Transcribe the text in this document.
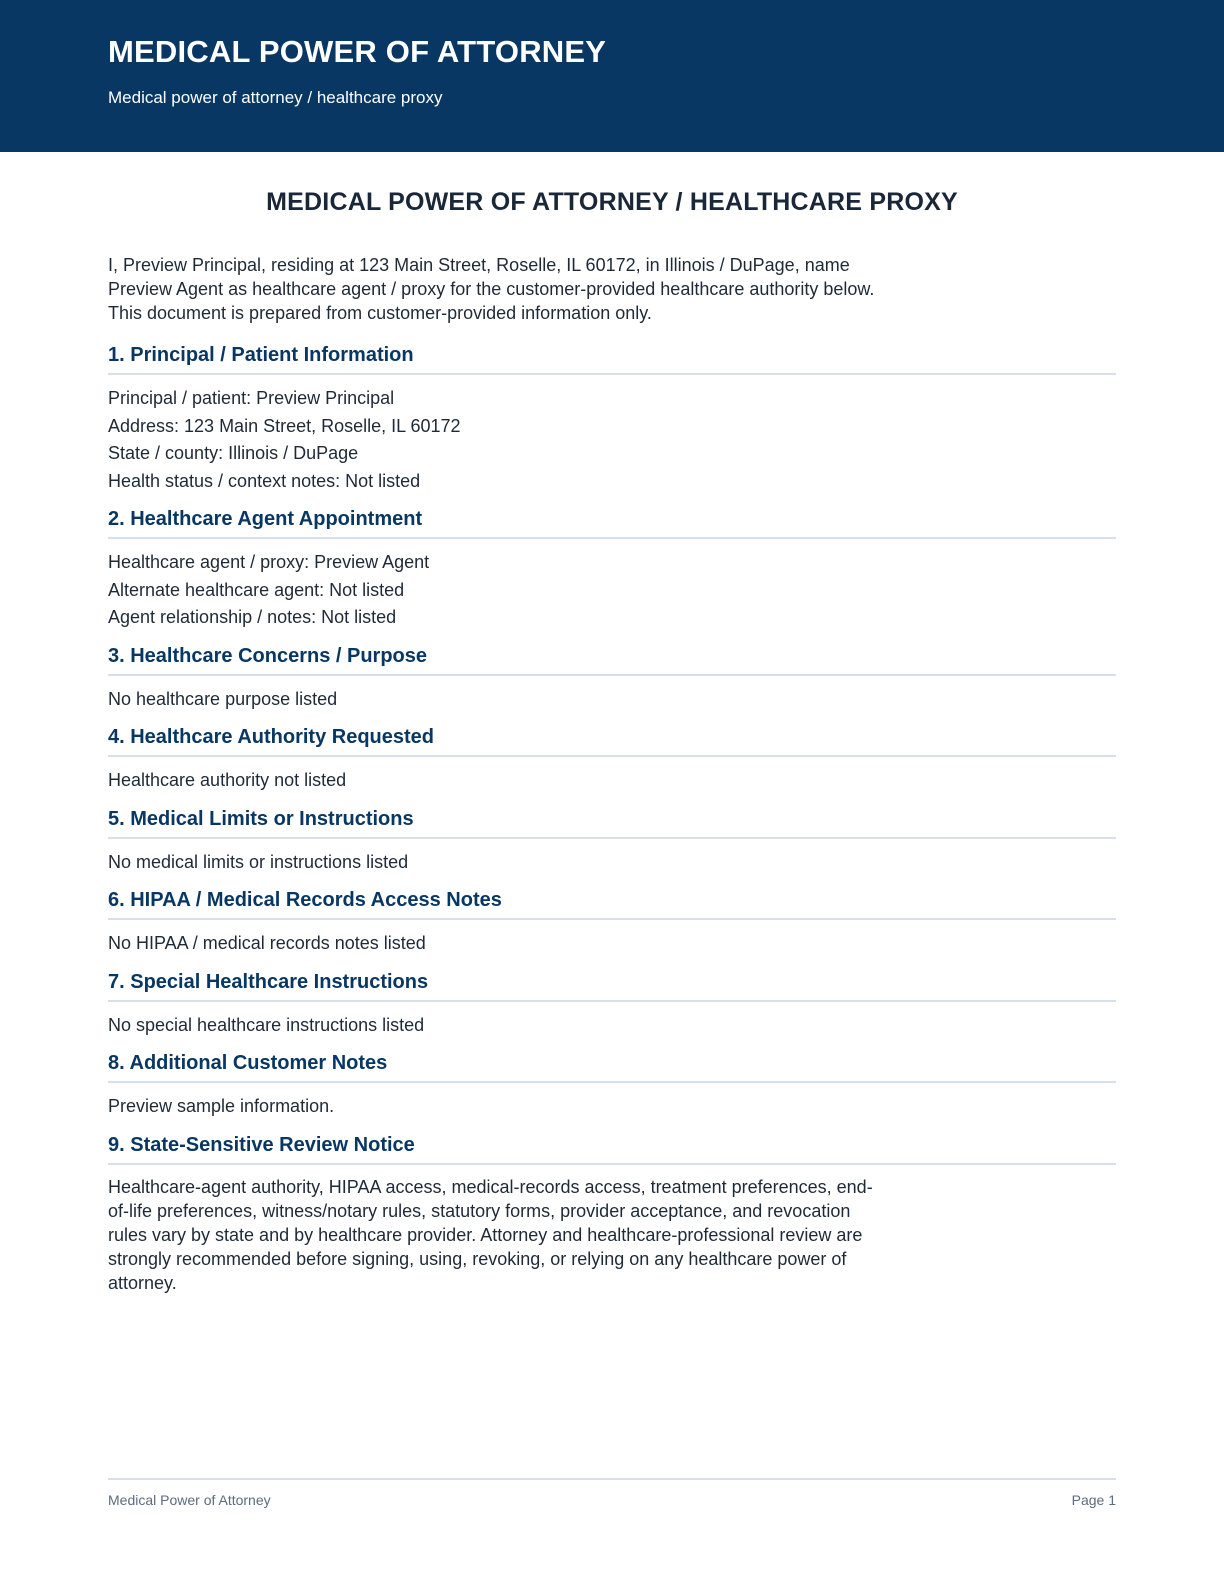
MEDICAL POWER OF ATTORNEY

Medical power of attorney / healthcare proxy

MEDICAL POWER OF ATTORNEY / HEALTHCARE PROXY

I, Preview Principal, residing at 123 Main Street, Roselle, IL 60172, in Illinois / DuPage, name Preview Agent as healthcare agent / proxy for the customer-provided healthcare authority below. This document is prepared from customer-provided information only.

1. Principal / Patient Information

Principal / patient: Preview Principal

Address: 123 Main Street, Roselle, IL 60172

State / county: Illinois / DuPage

Health status / context notes: Not listed

2. Healthcare Agent Appointment

Healthcare agent / proxy: Preview Agent

Alternate healthcare agent: Not listed

Agent relationship / notes: Not listed

3. Healthcare Concerns / Purpose

No healthcare purpose listed

4. Healthcare Authority Requested

Healthcare authority not listed

5. Medical Limits or Instructions

No medical limits or instructions listed

6. HIPAA / Medical Records Access Notes

No HIPAA / medical records notes listed

7. Special Healthcare Instructions

No special healthcare instructions listed

8. Additional Customer Notes

Preview sample information.

9. State-Sensitive Review Notice

Healthcare-agent authority, HIPAA access, medical-records access, treatment preferences, end-of-life preferences, witness/notary rules, statutory forms, provider acceptance, and revocation rules vary by state and by healthcare provider. Attorney and healthcare-professional review are strongly recommended before signing, using, revoking, or relying on any healthcare power of attorney.

Medical Power of Attorney	Page 1
